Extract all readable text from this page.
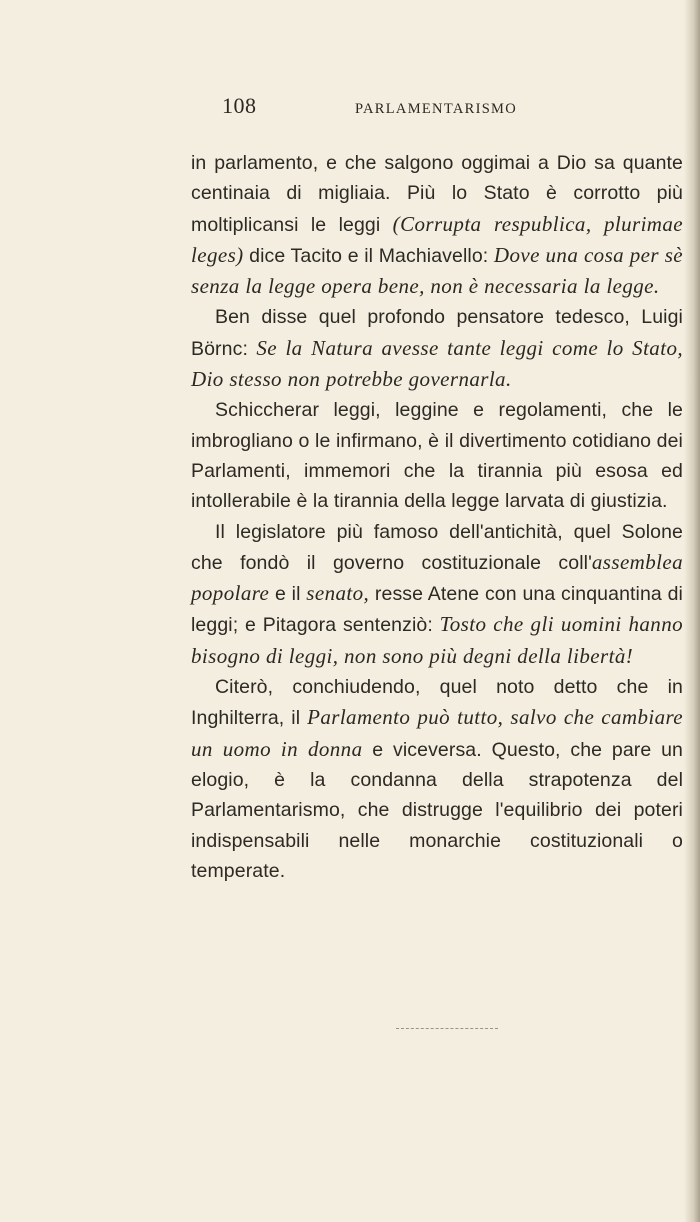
108	PARLAMENTARISMO

in parlamento, e che salgono oggimai a Dio sa quante centinaia di migliaia. Più lo Stato è corrotto più moltiplicansi le leggi (Corrupta respublica, plurimae leges) dice Tacito e il Machiavello: Dove una cosa per sè senza la legge opera bene, non è necessaria la legge.

Ben disse quel profondo pensatore tedesco, Luigi Börnc: Se la Natura avesse tante leggi come lo Stato, Dio stesso non potrebbe governarla.

Schiccherar leggi, leggine e regolamenti, che le imbrogliano o le infirmano, è il divertimento cotidiano dei Parlamenti, immemori che la tirannia più esosa ed intollerabile è la tirannia della legge larvata di giustizia.

Il legislatore più famoso dell'antichità, quel Solone che fondò il governo costituzionale coll'assemblea popolare e il senato, resse Atene con una cinquantina di leggi; e Pitagora sentenziò: Tosto che gli uomini hanno bisogno di leggi, non sono più degni della libertà!

Citerò, conchiudendo, quel noto detto che in Inghilterra, il Parlamento può tutto, salvo che cambiare un uomo in donna e viceversa. Questo, che pare un elogio, è la condanna della strapotenza del Parlamentarismo, che distrugge l'equilibrio dei poteri indispensabili nelle monarchie costituzionali o temperate.
